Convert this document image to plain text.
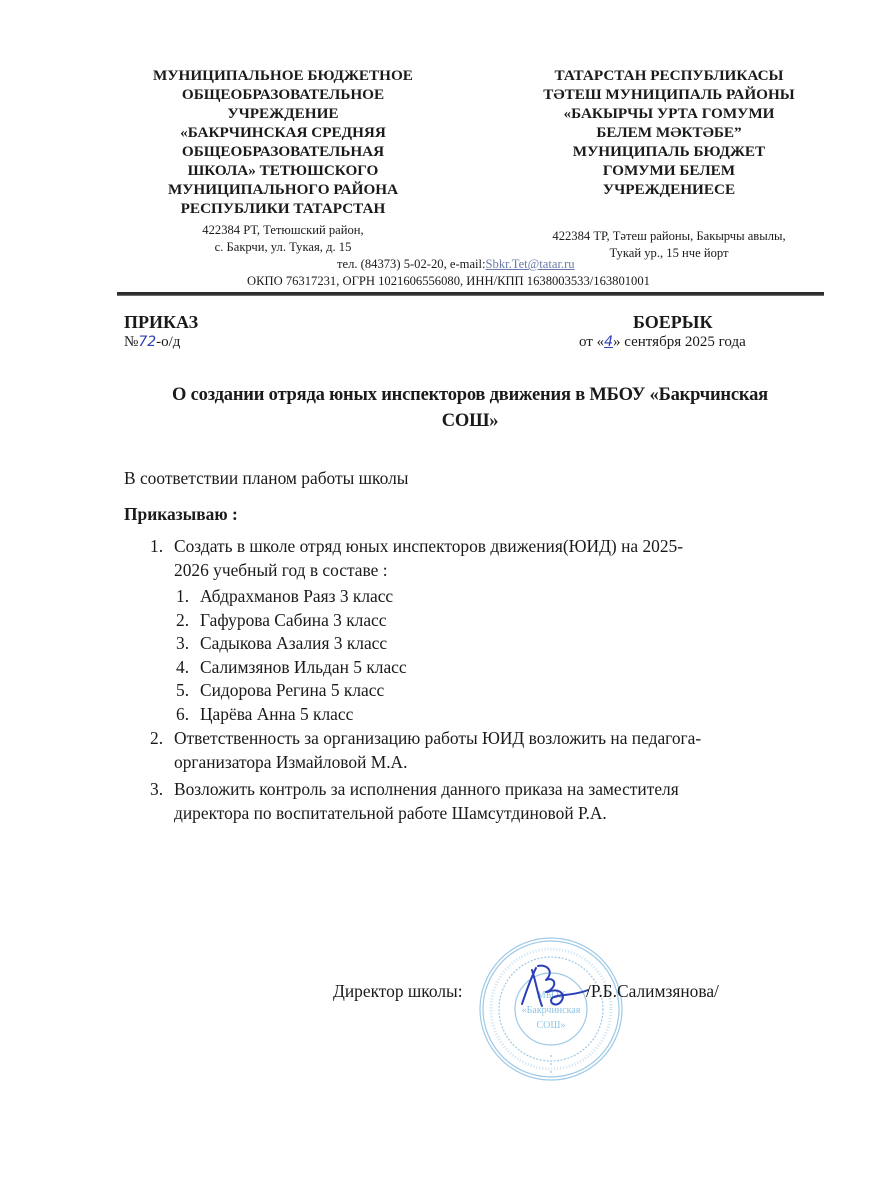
МУНИЦИПАЛЬНОЕ БЮДЖЕТНОЕ
ОБЩЕОБРАЗОВАТЕЛЬНОЕ
УЧРЕЖДЕНИЕ
«БАКРЧИНСКАЯ СРЕДНЯЯ
ОБЩЕОБРАЗОВАТЕЛЬНАЯ
ШКОЛА» ТЕТЮШСКОГО
МУНИЦИПАЛЬНОГО РАЙОНА
РЕСПУБЛИКИ ТАТАРСТАН
422384 РТ, Тетюшский район,
с. Бакрчи, ул. Тукая, д. 15
ТАТАРСТАН РЕСПУБЛИКАСЫ
ТӘТЕШ МУНИЦИПАЛЬ РАЙОНЫ
«БАКЫРЧЫ УРТА ГОМУМИ
БЕЛЕМ МӘКТӘБЕ”
МУНИЦИПАЛЬ БЮДЖЕТ
ГОМУМИ БЕЛЕМ
УЧРЕЖДЕНИЕСЕ
422384 ТР, Тәтеш районы, Бакырчы авылы,
Тукай ур., 15 нче йорт
тел. (84373) 5-02-20, e-mail:Sbkr.Tet@tatar.ru
ОКПО 76317231, ОГРН 1021606556080, ИНН/КПП 1638003533/163801001
ПРИКАЗ
№72-о/д
БОЕРЫК
от «4» сентября 2025 года
О создании отряда юных инспекторов движения в МБОУ «Бакрчинская
СОШ»
В соответствии планом работы школы
Приказываю :
1. Создать в школе отряд юных инспекторов движения(ЮИД) на 2025-
2026 учебный год в составе :
1. Абдрахманов Раяз 3 класс
2. Гафурова Сабина 3 класс
3. Садыкова Азалия 3 класс
4. Салимзянов Ильдан 5 класс
5. Сидорова Регина 5 класс
6. Царёва Анна 5 класс
2. Ответственность за организацию работы ЮИД возложить на педагога-
организатора Измайловой М.А.
3. Возложить контроль за исполнения данного приказа на заместителя
директора по воспитательной работе Шамсутдиновой Р.А.
МБОУ
«Бакрчинская
СОШ»
Директор школы:	/Р.Б.Салимзянова/
